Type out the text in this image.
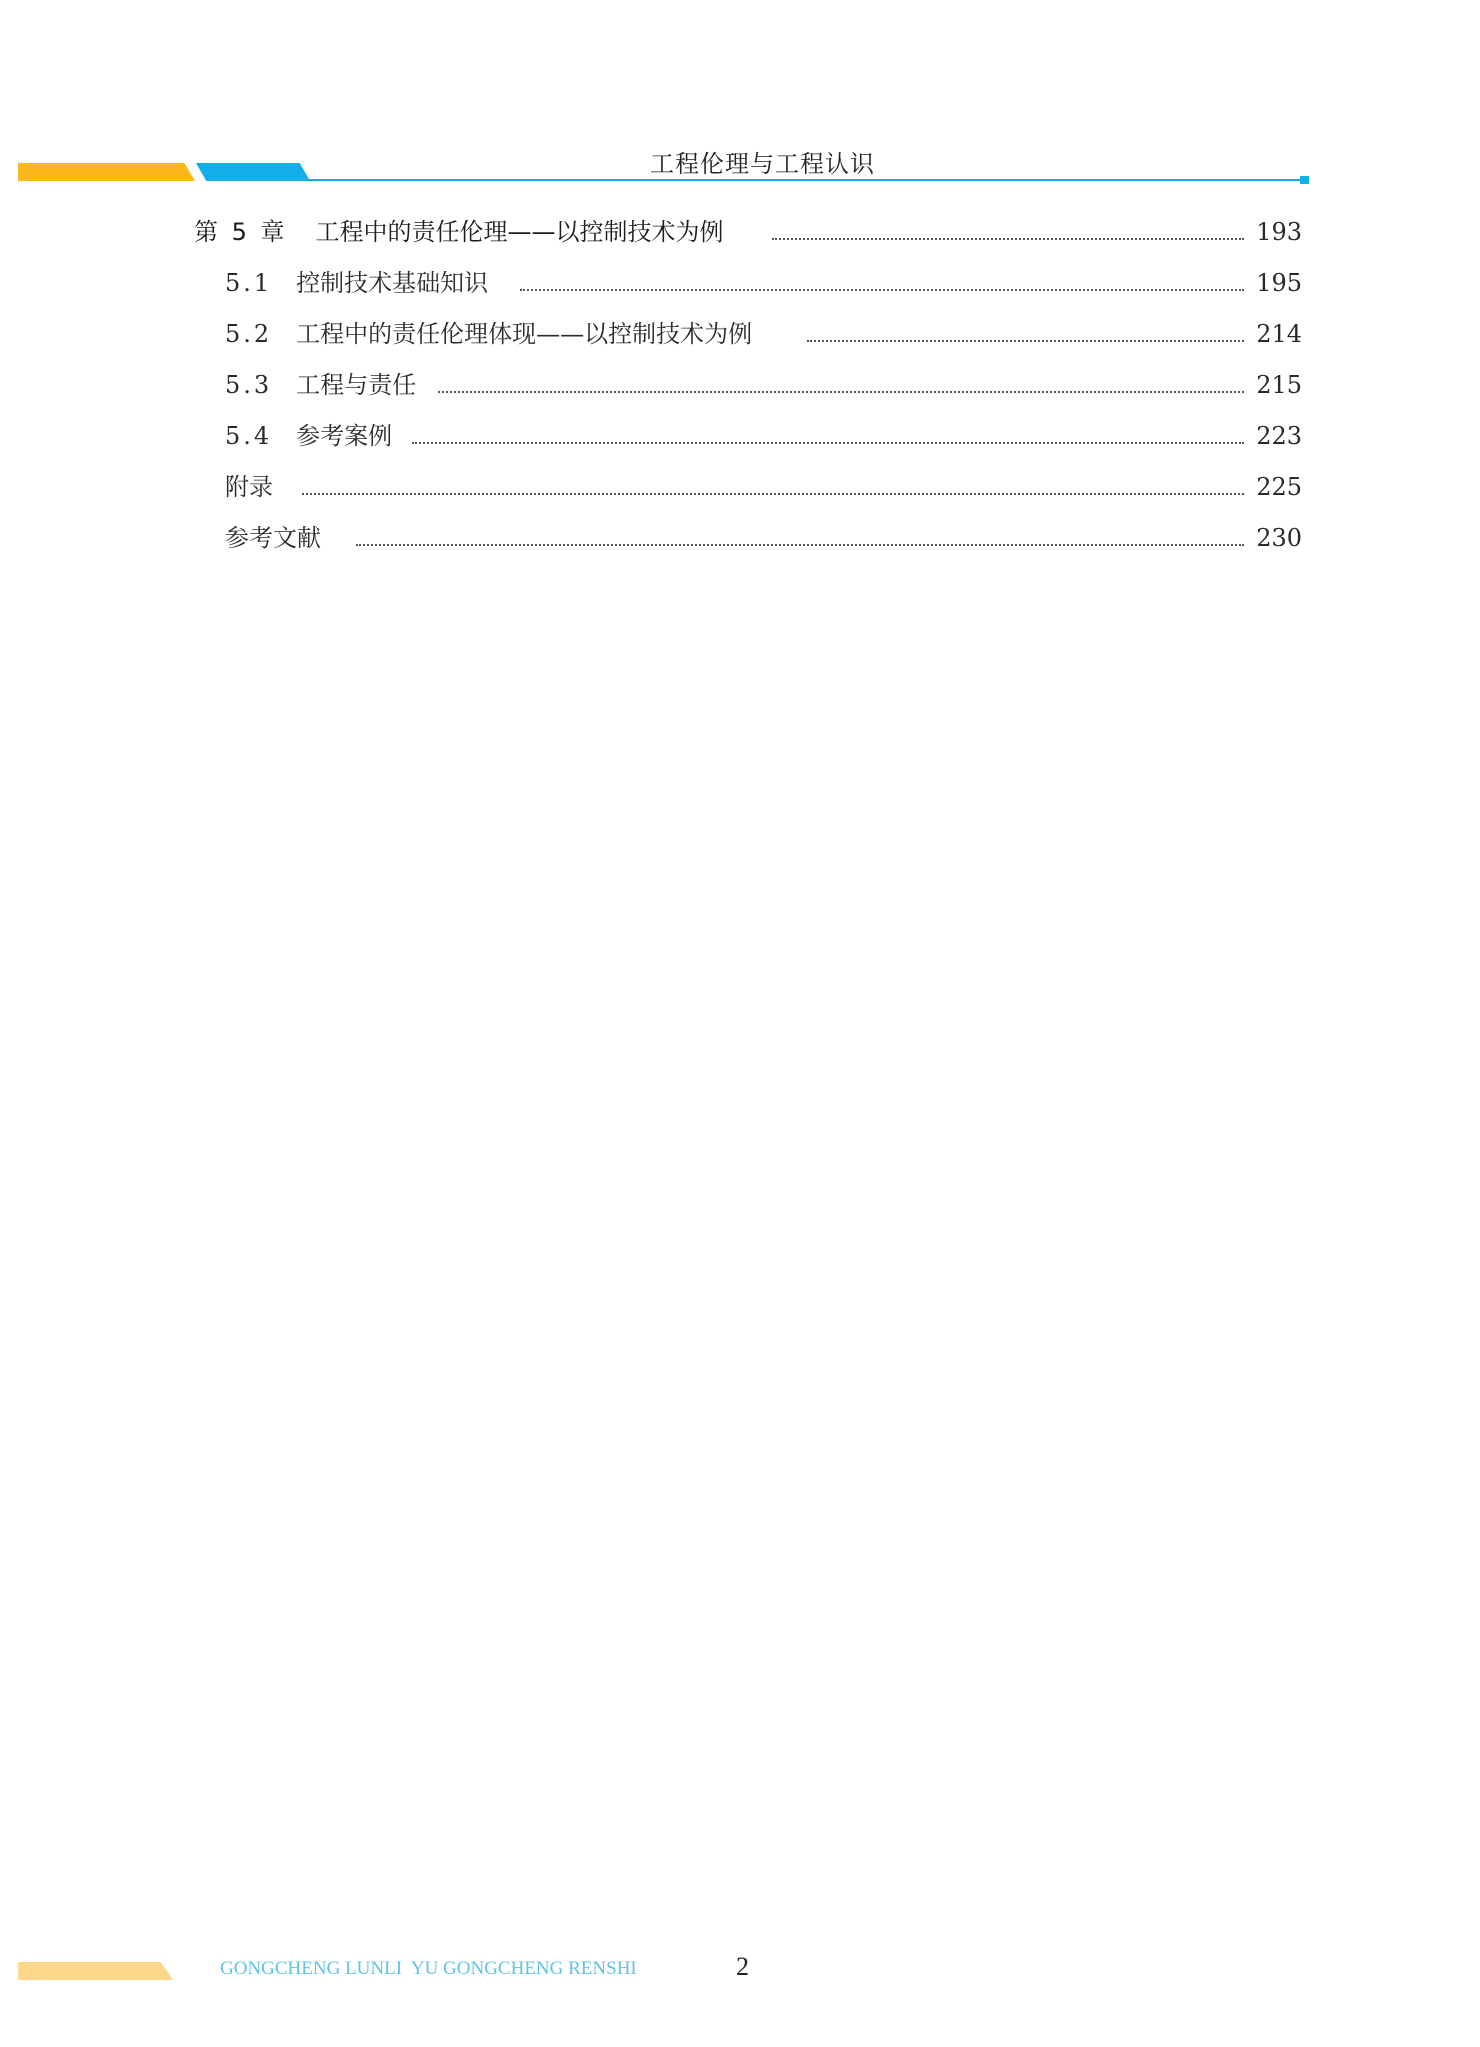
工程伦理与工程认识
第 5 章 工程中的责任伦理——以控制技术为例	193
5.1 控制技术基础知识	195
5.2 工程中的责任伦理体现——以控制技术为例	214
5.3 工程与责任	215
5.4 参考案例	223
附录	225
参考文献	230
GONGCHENG LUNLI  YU GONGCHENG RENSHI	2
